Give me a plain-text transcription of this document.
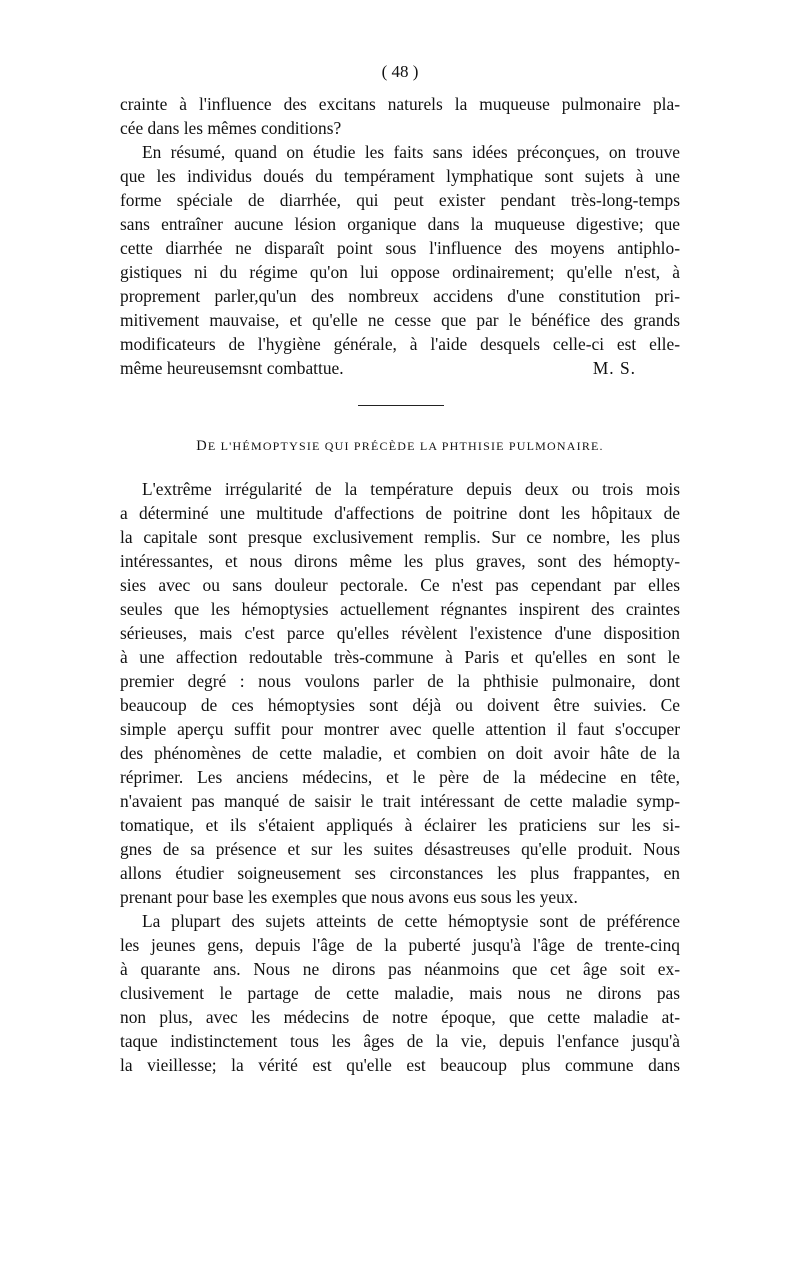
( 48 )
crainte à l'influence des excitans naturels la muqueuse pulmonaire pla-
cée dans les mêmes conditions?
En résumé, quand on étudie les faits sans idées préconçues, on trouve
que les individus doués du tempérament lymphatique sont sujets à une
forme spéciale de diarrhée, qui peut exister pendant très-long-temps
sans entraîner aucune lésion organique dans la muqueuse digestive; que
cette diarrhée ne disparaît point sous l'influence des moyens antiphlo-
gistiques ni du régime qu'on lui oppose ordinairement; qu'elle n'est, à
proprement parler,qu'un des nombreux accidens d'une constitution pri-
mitivement mauvaise, et qu'elle ne cesse que par le bénéfice des grands
modificateurs de l'hygiène générale, à l'aide desquels celle-ci est elle-
même heureusemsnt combattue.	M. S.
DE L'HÉMOPTYSIE QUI PRÉCÈDE LA PHTHISIE PULMONAIRE.
L'extrême irrégularité de la température depuis deux ou trois mois
a déterminé une multitude d'affections de poitrine dont les hôpitaux de
la capitale sont presque exclusivement remplis. Sur ce nombre, les plus
intéressantes, et nous dirons même les plus graves, sont des hémopty-
sies avec ou sans douleur pectorale. Ce n'est pas cependant par elles
seules que les hémoptysies actuellement régnantes inspirent des craintes
sérieuses, mais c'est parce qu'elles révèlent l'existence d'une disposition
à une affection redoutable très-commune à Paris et qu'elles en sont le
premier degré : nous voulons parler de la phthisie pulmonaire, dont
beaucoup de ces hémoptysies sont déjà ou doivent être suivies. Ce
simple aperçu suffit pour montrer avec quelle attention il faut s'occuper
des phénomènes de cette maladie, et combien on doit avoir hâte de la
réprimer. Les anciens médecins, et le père de la médecine en tête,
n'avaient pas manqué de saisir le trait intéressant de cette maladie symp-
tomatique, et ils s'étaient appliqués à éclairer les praticiens sur les si-
gnes de sa présence et sur les suites désastreuses qu'elle produit. Nous
allons étudier soigneusement ses circonstances les plus frappantes, en
prenant pour base les exemples que nous avons eus sous les yeux.
La plupart des sujets atteints de cette hémoptysie sont de préférence
les jeunes gens, depuis l'âge de la puberté jusqu'à l'âge de trente-cinq
à quarante ans. Nous ne dirons pas néanmoins que cet âge soit ex-
clusivement le partage de cette maladie, mais nous ne dirons pas
non plus, avec les médecins de notre époque, que cette maladie at-
taque indistinctement tous les âges de la vie, depuis l'enfance jusqu'à
la vieillesse; la vérité est qu'elle est beaucoup plus commune dans
